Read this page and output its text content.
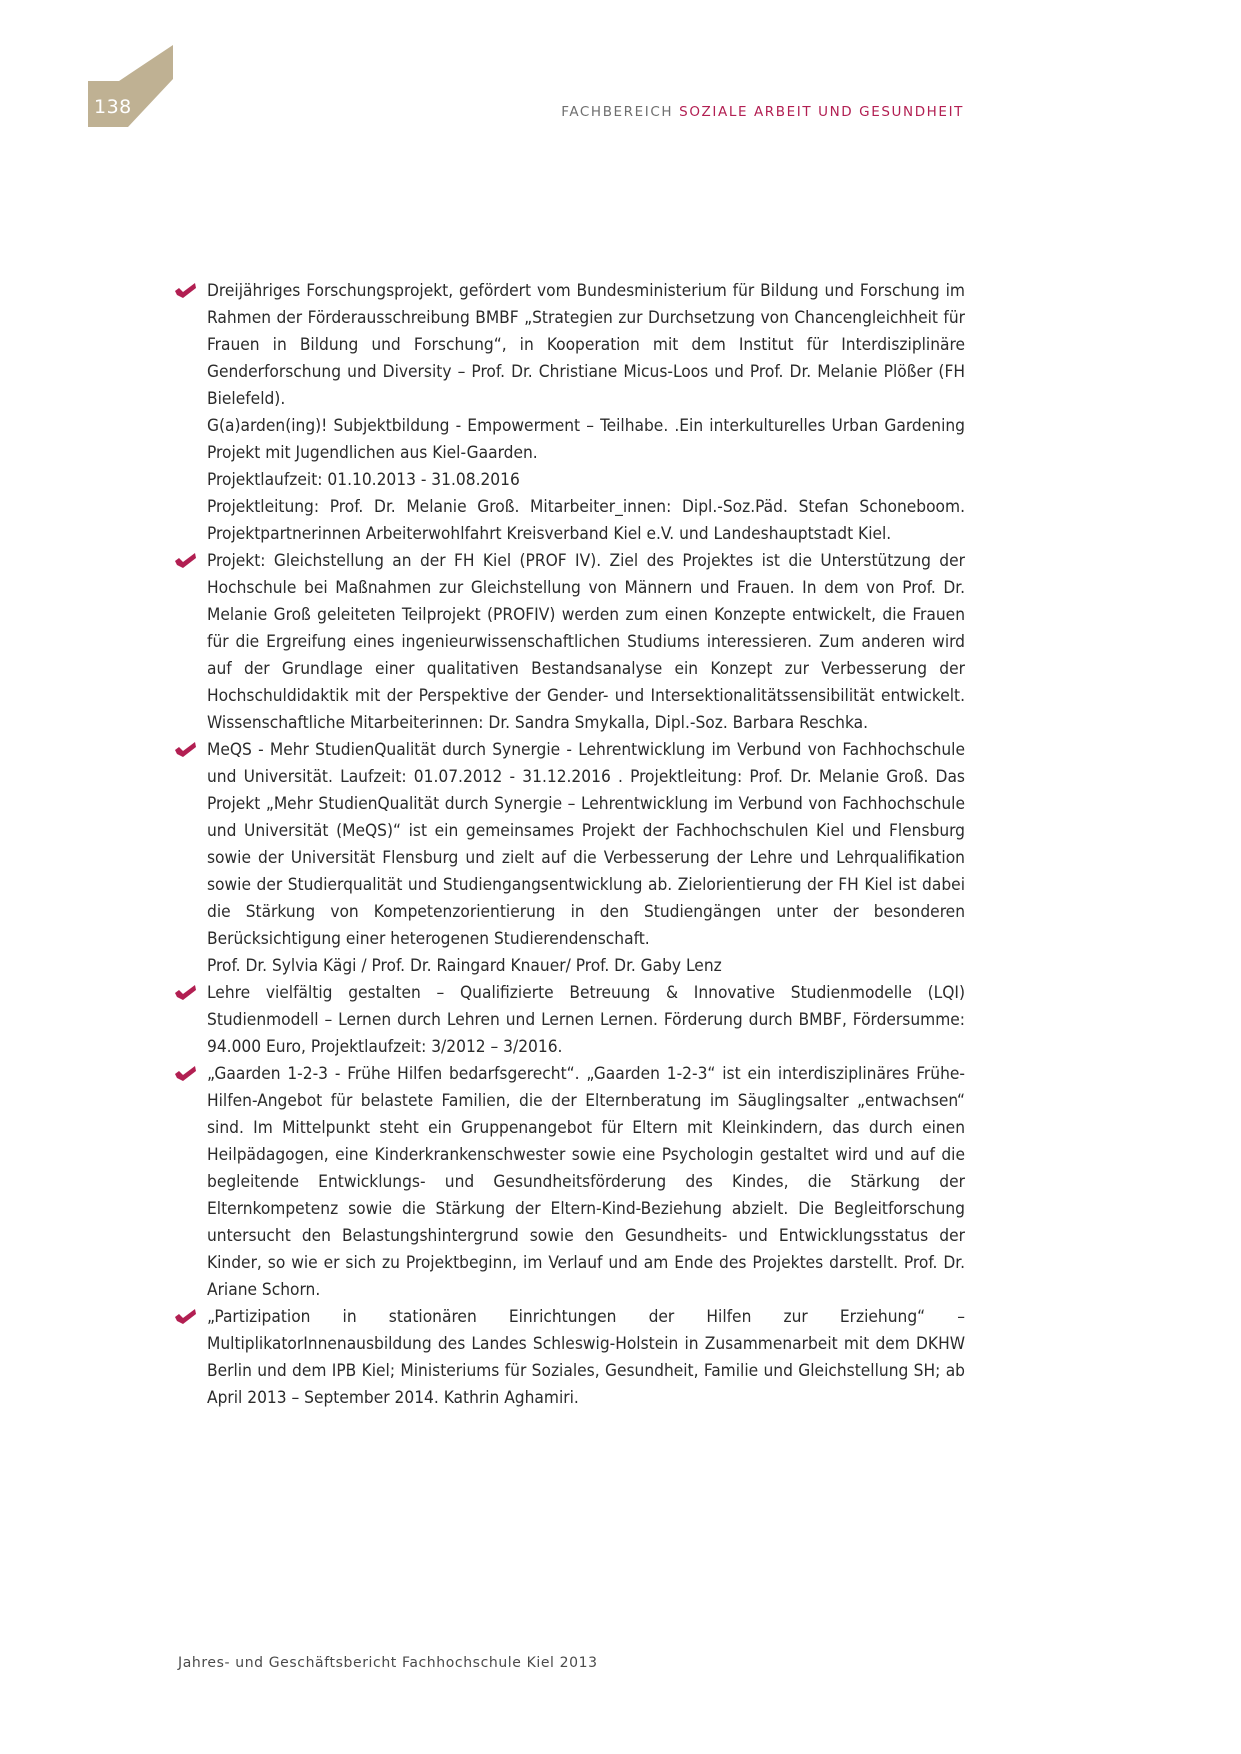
138	FACHBEREICH SOZIALE ARBEIT UND GESUNDHEIT

Dreijähriges Forschungsprojekt, gefördert vom Bundesministerium für Bildung und Forschung im Rahmen der Förderausschreibung BMBF „Strategien zur Durchsetzung von Chancengleichheit für Frauen in Bildung und Forschung“, in Kooperation mit dem Institut für Interdisziplinäre Genderforschung und Diversity – Prof. Dr. Christiane Micus-Loos und Prof. Dr. Melanie Plößer (FH Bielefeld).

G(a)arden(ing)! Subjektbildung - Empowerment – Teilhabe. .Ein interkulturelles Urban Gardening Projekt mit Jugendlichen aus Kiel-Gaarden.

Projektlaufzeit: 01.10.2013 - 31.08.2016

Projektleitung: Prof. Dr. Melanie Groß. Mitarbeiter_innen: Dipl.-Soz.Päd. Stefan Schoneboom. Projektpartnerinnen Arbeiterwohlfahrt Kreisverband Kiel e.V. und Landeshauptstadt Kiel.

Projekt: Gleichstellung an der FH Kiel (PROF IV). Ziel des Projektes ist die Unterstützung der Hochschule bei Maßnahmen zur Gleichstellung von Männern und Frauen. In dem von Prof. Dr. Melanie Groß geleiteten Teilprojekt (PROFIV) werden zum einen Konzepte entwickelt, die Frauen für die Ergreifung eines ingenieurwissenschaftlichen Studiums interessieren. Zum anderen wird auf der Grundlage einer qualitativen Bestandsanalyse ein Konzept zur Verbesserung der Hochschuldidaktik mit der Perspektive der Gender- und Intersektionalitätssensibilität entwickelt. Wissenschaftliche Mitarbeiterinnen: Dr. Sandra Smykalla, Dipl.-Soz. Barbara Reschka.

MeQS - Mehr StudienQualität durch Synergie - Lehrentwicklung im Verbund von Fachhochschule und Universität. Laufzeit: 01.07.2012 - 31.12.2016 . Projektleitung: Prof. Dr. Melanie Groß. Das Projekt „Mehr StudienQualität durch Synergie – Lehrentwicklung im Verbund von Fachhochschule und Universität (MeQS)“ ist ein gemeinsames Projekt der Fachhochschulen Kiel und Flensburg sowie der Universität Flensburg und zielt auf die Verbesserung der Lehre und Lehrqualifikation sowie der Studierqualität und Studiengangsentwicklung ab. Zielorientierung der FH Kiel ist dabei die Stärkung von Kompetenzorientierung in den Studiengängen unter der besonderen Berücksichtigung einer heterogenen Studierendenschaft.

Prof. Dr. Sylvia Kägi / Prof. Dr. Raingard Knauer/ Prof. Dr. Gaby Lenz

Lehre vielfältig gestalten – Qualifizierte Betreuung & Innovative Studienmodelle (LQI) Studienmodell – Lernen durch Lehren und Lernen Lernen. Förderung durch BMBF, Fördersumme: 94.000 Euro, Projektlaufzeit: 3/2012 – 3/2016.

„Gaarden 1-2-3 - Frühe Hilfen bedarfsgerecht“. „Gaarden 1-2-3“ ist ein interdisziplinäres Frühe-Hilfen-Angebot für belastete Familien, die der Elternberatung im Säuglingsalter „entwachsen“ sind. Im Mittelpunkt steht ein Gruppenangebot für Eltern mit Kleinkindern, das durch einen Heilpädagogen, eine Kinderkrankenschwester sowie eine Psychologin gestaltet wird und auf die begleitende Entwicklungs- und Gesundheitsförderung des Kindes, die Stärkung der Elternkompetenz sowie die Stärkung der Eltern-Kind-Beziehung abzielt. Die Begleitforschung untersucht den Belastungshintergrund sowie den Gesundheits- und Entwicklungsstatus der Kinder, so wie er sich zu Projektbeginn, im Verlauf und am Ende des Projektes darstellt. Prof. Dr. Ariane Schorn.

„Partizipation in stationären Einrichtungen der Hilfen zur Erziehung“ – MultiplikatorInnenausbildung des Landes Schleswig-Holstein in Zusammenarbeit mit dem DKHW Berlin und dem IPB Kiel; Ministeriums für Soziales, Gesundheit, Familie und Gleichstellung SH; ab April 2013 – September 2014. Kathrin Aghamiri.

Jahres- und Geschäftsbericht Fachhochschule Kiel 2013
